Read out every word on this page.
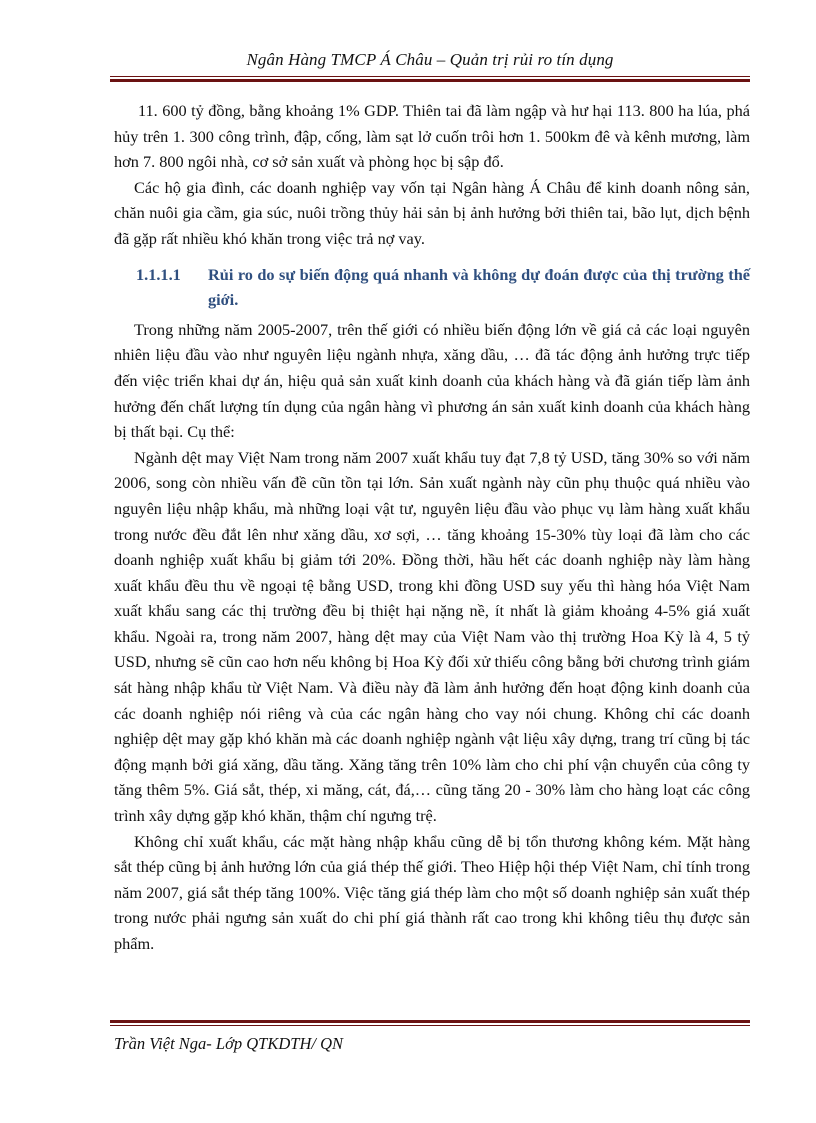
Ngân Hàng TMCP Á Châu – Quản trị rủi ro tín dụng

11. 600 tỷ đồng, bằng khoảng 1% GDP. Thiên tai đã làm ngập và hư hại 113. 800 ha lúa, phá hủy trên 1. 300 công trình, đập, cống, làm sạt lở cuốn trôi hơn 1. 500km đê và kênh mương, làm hơn 7. 800 ngôi nhà, cơ sở sản xuất và phòng học bị sập đổ.

Các hộ gia đình, các doanh nghiệp vay vốn tại Ngân hàng Á Châu để kinh doanh nông sản, chăn nuôi gia cầm, gia súc, nuôi trồng thủy hải sản bị ảnh hưởng bởi thiên tai, bão lụt, dịch bệnh đã gặp rất nhiều khó khăn trong việc trả nợ vay.

1.1.1.1	Rủi ro do sự biến động quá nhanh và không dự đoán được của thị trường thế giới.

Trong những năm 2005-2007, trên thế giới có nhiều biến động lớn về giá cả các loại nguyên nhiên liệu đầu vào như nguyên liệu ngành nhựa, xăng dầu, … đã tác động ảnh hưởng trực tiếp đến việc triển khai dự án, hiệu quả sản xuất kinh doanh của khách hàng và đã gián tiếp làm ảnh hưởng đến chất lượng tín dụng của ngân hàng vì phương án sản xuất kinh doanh của khách hàng bị thất bại. Cụ thể:

Ngành dệt may Việt Nam trong năm 2007 xuất khẩu tuy đạt 7,8 tỷ USD, tăng 30% so với năm 2006, song còn nhiều vấn đề cũn tồn tại lớn. Sản xuất ngành này cũn phụ thuộc quá nhiều vào nguyên liệu nhập khẩu, mà những loại vật tư, nguyên liệu đầu vào phục vụ làm hàng xuất khẩu trong nước đều đắt lên như xăng dầu, xơ sợi, … tăng khoảng 15-30% tùy loại đã làm cho các doanh nghiệp xuất khẩu bị giảm tới 20%. Đồng thời, hầu hết các doanh nghiệp này làm hàng xuất khẩu đều thu về ngoại tệ bằng USD, trong khi đồng USD suy yếu thì hàng hóa Việt Nam xuất khẩu sang các thị trường đều bị thiệt hại nặng nề, ít nhất là giảm khoảng 4-5% giá xuất khẩu. Ngoài ra, trong năm 2007, hàng dệt may của Việt Nam vào thị trường Hoa Kỳ là 4, 5 tỷ USD, nhưng sẽ cũn cao hơn nếu không bị Hoa Kỳ đối xử thiếu công bằng bởi chương trình giám sát hàng nhập khẩu từ Việt Nam. Và điều này đã làm ảnh hưởng đến hoạt động kinh doanh của các doanh nghiệp nói riêng và của các ngân hàng cho vay nói chung. Không chỉ các doanh nghiệp dệt may gặp khó khăn mà các doanh nghiệp ngành vật liệu xây dựng, trang trí cũng bị tác động mạnh bởi giá xăng, dầu tăng. Xăng tăng trên 10% làm cho chi phí vận chuyển của công ty tăng thêm 5%. Giá sắt, thép, xi măng, cát, đá,… cũng tăng 20 - 30% làm cho hàng loạt các công trình xây dựng gặp khó khăn, thậm chí ngưng trệ.

Không chỉ xuất khẩu, các mặt hàng nhập khẩu cũng dễ bị tổn thương không kém. Mặt hàng sắt thép cũng bị ảnh hưởng lớn của giá thép thế giới. Theo Hiệp hội thép Việt Nam, chỉ tính trong năm 2007, giá sắt thép tăng 100%. Việc tăng giá thép làm cho một số doanh nghiệp sản xuất thép trong nước phải ngưng sản xuất do chi phí giá thành rất cao trong khi không tiêu thụ được sản phẩm.

Trần Việt Nga- Lớp QTKDTH/ QN
